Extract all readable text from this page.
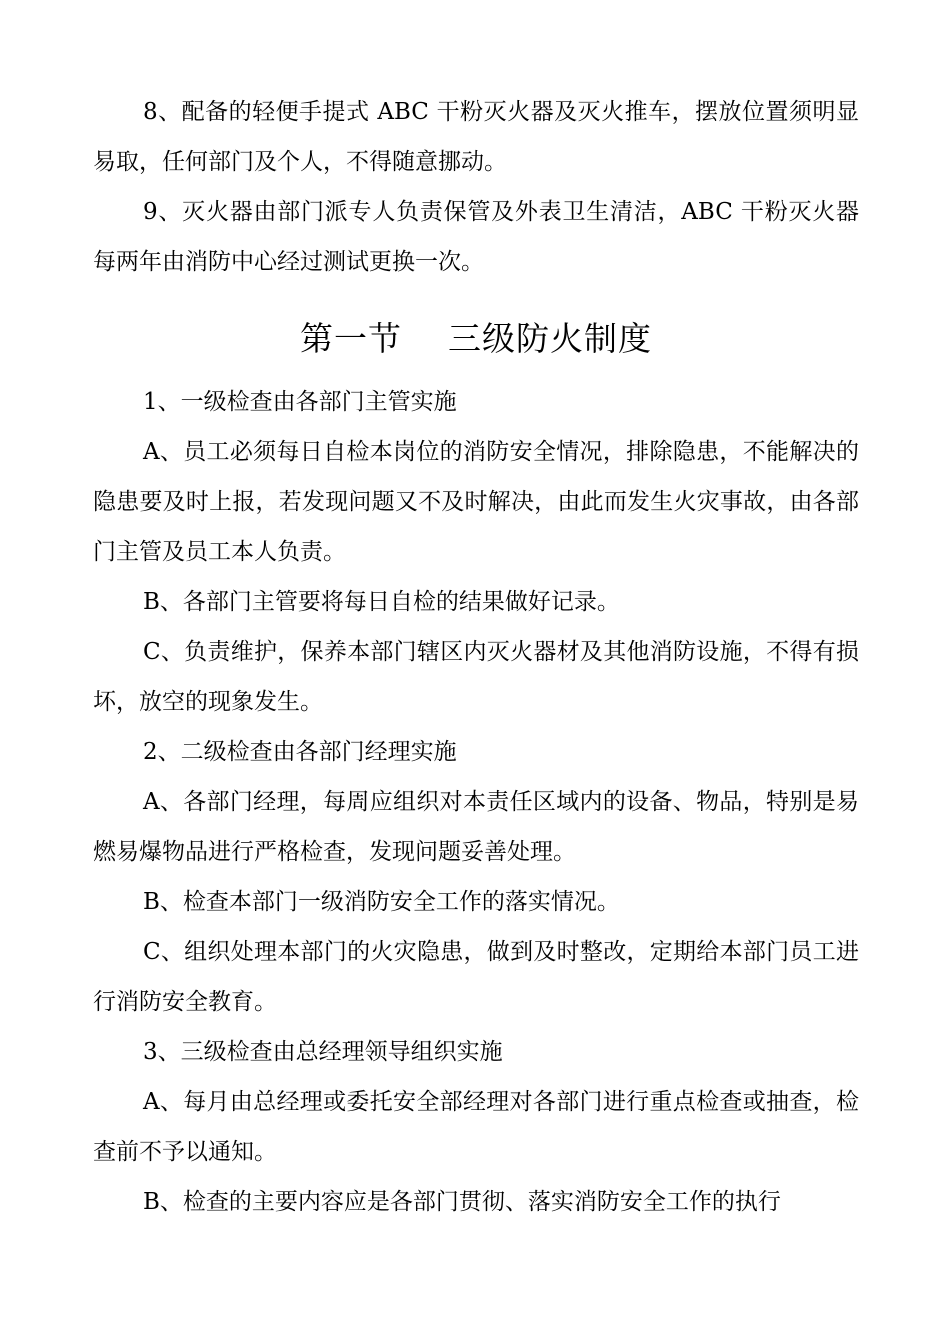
8、配备的轻便手提式 ABC 干粉灭火器及灭火推车，摆放位置须明显易取，任何部门及个人，不得随意挪动。

9、灭火器由部门派专人负责保管及外表卫生清洁，ABC 干粉灭火器每两年由消防中心经过测试更换一次。

第一节 三级防火制度

1、一级检查由各部门主管实施

A、员工必须每日自检本岗位的消防安全情况，排除隐患，不能解决的隐患要及时上报，若发现问题又不及时解决，由此而发生火灾事故，由各部门主管及员工本人负责。

B、各部门主管要将每日自检的结果做好记录。

C、负责维护，保养本部门辖区内灭火器材及其他消防设施，不得有损坏，放空的现象发生。

2、二级检查由各部门经理实施

A、各部门经理，每周应组织对本责任区域内的设备、物品，特别是易燃易爆物品进行严格检查，发现问题妥善处理。

B、检查本部门一级消防安全工作的落实情况。

C、组织处理本部门的火灾隐患，做到及时整改，定期给本部门员工进行消防安全教育。

3、三级检查由总经理领导组织实施

A、每月由总经理或委托安全部经理对各部门进行重点检查或抽查，检查前不予以通知。

B、检查的主要内容应是各部门贯彻、落实消防安全工作的执行
